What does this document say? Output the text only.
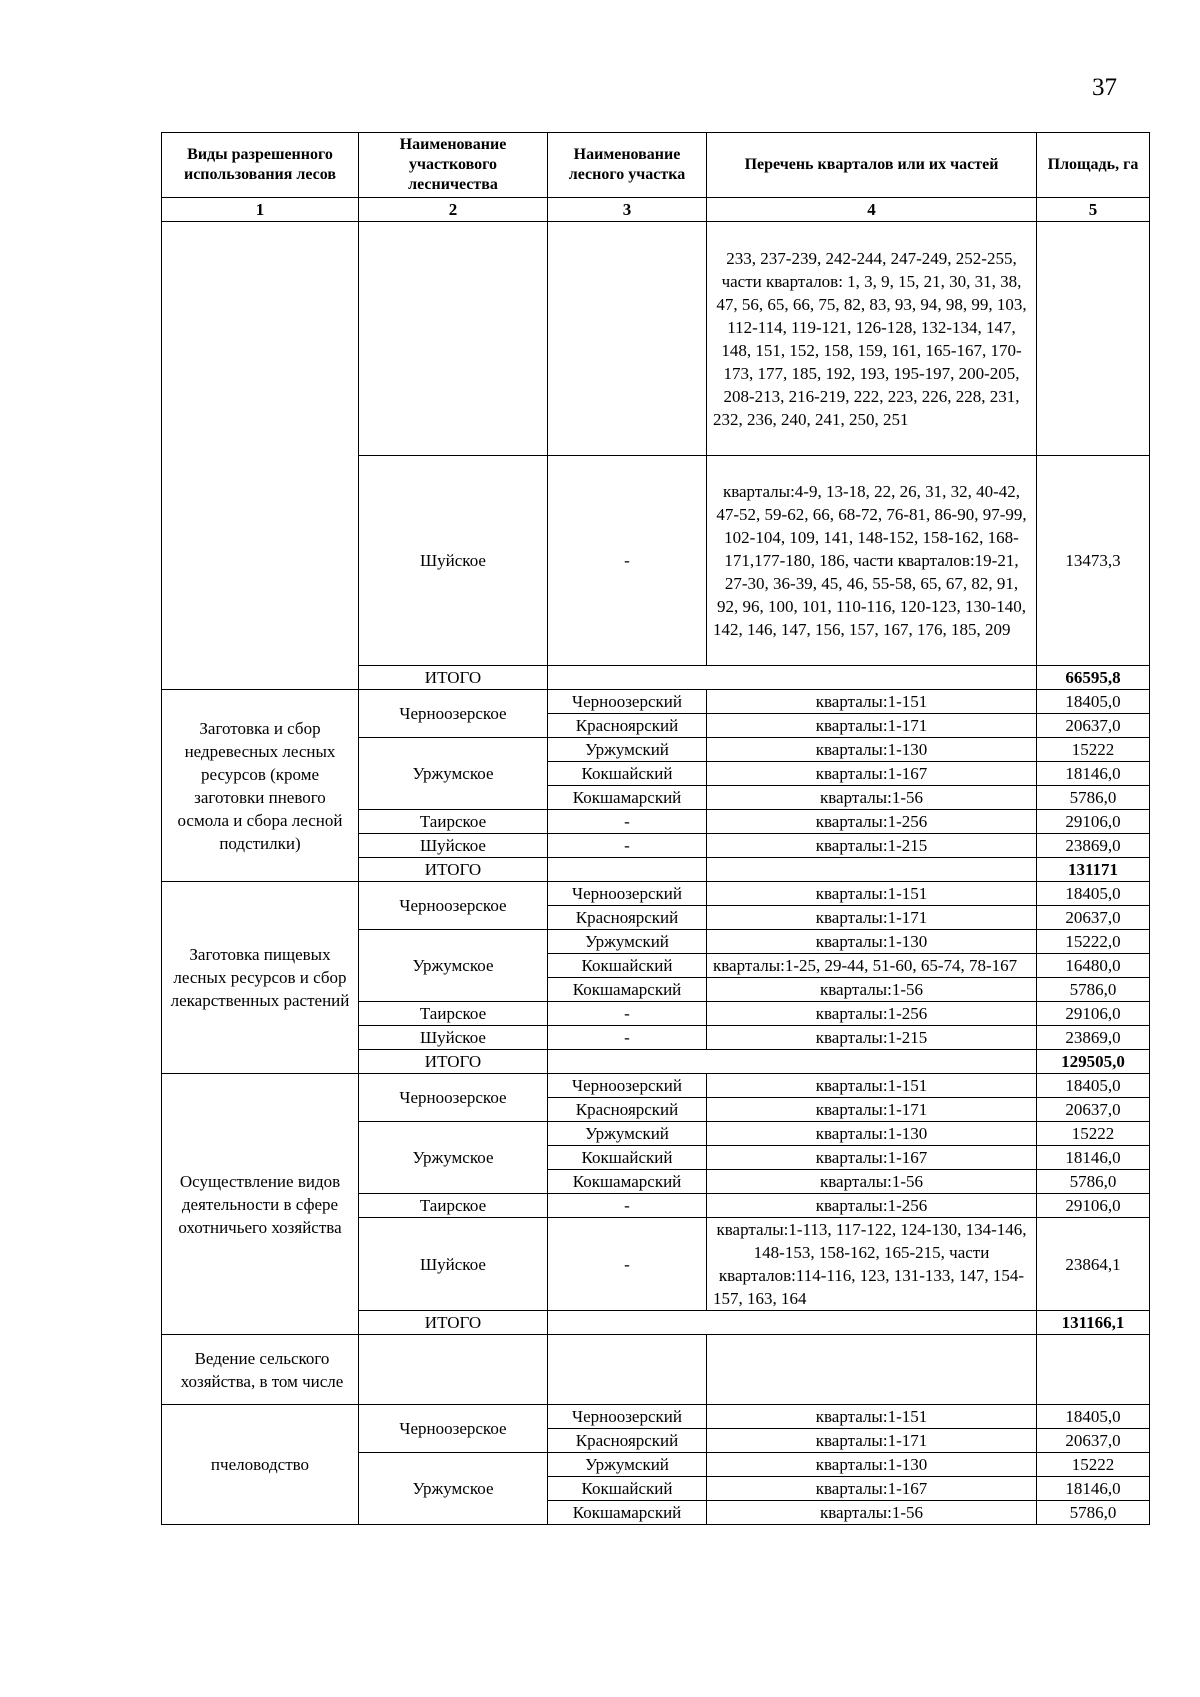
37
Виды разрешенного использования лесов	Наименование участкового лесничества	Наименование лесного участка	Перечень кварталов или их частей	Площадь, га
1	2	3	4	5
			233, 237-239, 242-244, 247-249, 252-255, части кварталов: 1, 3, 9, 15, 21, 30, 31, 38, 47, 56, 65, 66, 75, 82, 83, 93, 94, 98, 99, 103, 112-114, 119-121, 126-128, 132-134, 147, 148, 151, 152, 158, 159, 161, 165-167, 170-173, 177, 185, 192, 193, 195-197, 200-205, 208-213, 216-219, 222, 223, 226, 228, 231, 232, 236, 240, 241, 250, 251	
	Шуйское	-	кварталы:4-9, 13-18, 22, 26, 31, 32, 40-42, 47-52, 59-62, 66, 68-72, 76-81, 86-90, 97-99, 102-104, 109, 141, 148-152, 158-162, 168-171,177-180, 186, части кварталов:19-21, 27-30, 36-39, 45, 46, 55-58, 65, 67, 82, 91, 92, 96, 100, 101, 110-116, 120-123, 130-140, 142, 146, 147, 156, 157, 167, 176, 185, 209	13473,3
	ИТОГО			66595,8
Заготовка и сбор недревесных лесных ресурсов (кроме заготовки пневого осмола и сбора лесной подстилки)	Черноозерское	Черноозерский	кварталы:1-151	18405,0
		Красноярский	кварталы:1-171	20637,0
	Уржумское	Уржумский	кварталы:1-130	15222
		Кокшайский	кварталы:1-167	18146,0
		Кокшамарский	кварталы:1-56	5786,0
	Таирское	-	кварталы:1-256	29106,0
	Шуйское	-	кварталы:1-215	23869,0
	ИТОГО			131171
Заготовка пищевых лесных ресурсов и сбор лекарственных растений	Черноозерское	Черноозерский	кварталы:1-151	18405,0
		Красноярский	кварталы:1-171	20637,0
	Уржумское	Уржумский	кварталы:1-130	15222,0
		Кокшайский	кварталы:1-25, 29-44, 51-60, 65-74, 78-167	16480,0
		Кокшамарский	кварталы:1-56	5786,0
	Таирское	-	кварталы:1-256	29106,0
	Шуйское	-	кварталы:1-215	23869,0
	ИТОГО			129505,0
Осуществление видов деятельности в сфере охотничьего хозяйства	Черноозерское	Черноозерский	кварталы:1-151	18405,0
		Красноярский	кварталы:1-171	20637,0
	Уржумское	Уржумский	кварталы:1-130	15222
		Кокшайский	кварталы:1-167	18146,0
		Кокшамарский	кварталы:1-56	5786,0
	Таирское	-	кварталы:1-256	29106,0
	Шуйское	-	кварталы:1-113, 117-122, 124-130, 134-146, 148-153, 158-162, 165-215, части кварталов:114-116, 123, 131-133, 147, 154-157, 163, 164	23864,1
	ИТОГО			131166,1
Ведение сельского хозяйства, в том числе				
пчеловодство	Черноозерское	Черноозерский	кварталы:1-151	18405,0
		Красноярский	кварталы:1-171	20637,0
	Уржумское	Уржумский	кварталы:1-130	15222
		Кокшайский	кварталы:1-167	18146,0
		Кокшамарский	кварталы:1-56	5786,0
